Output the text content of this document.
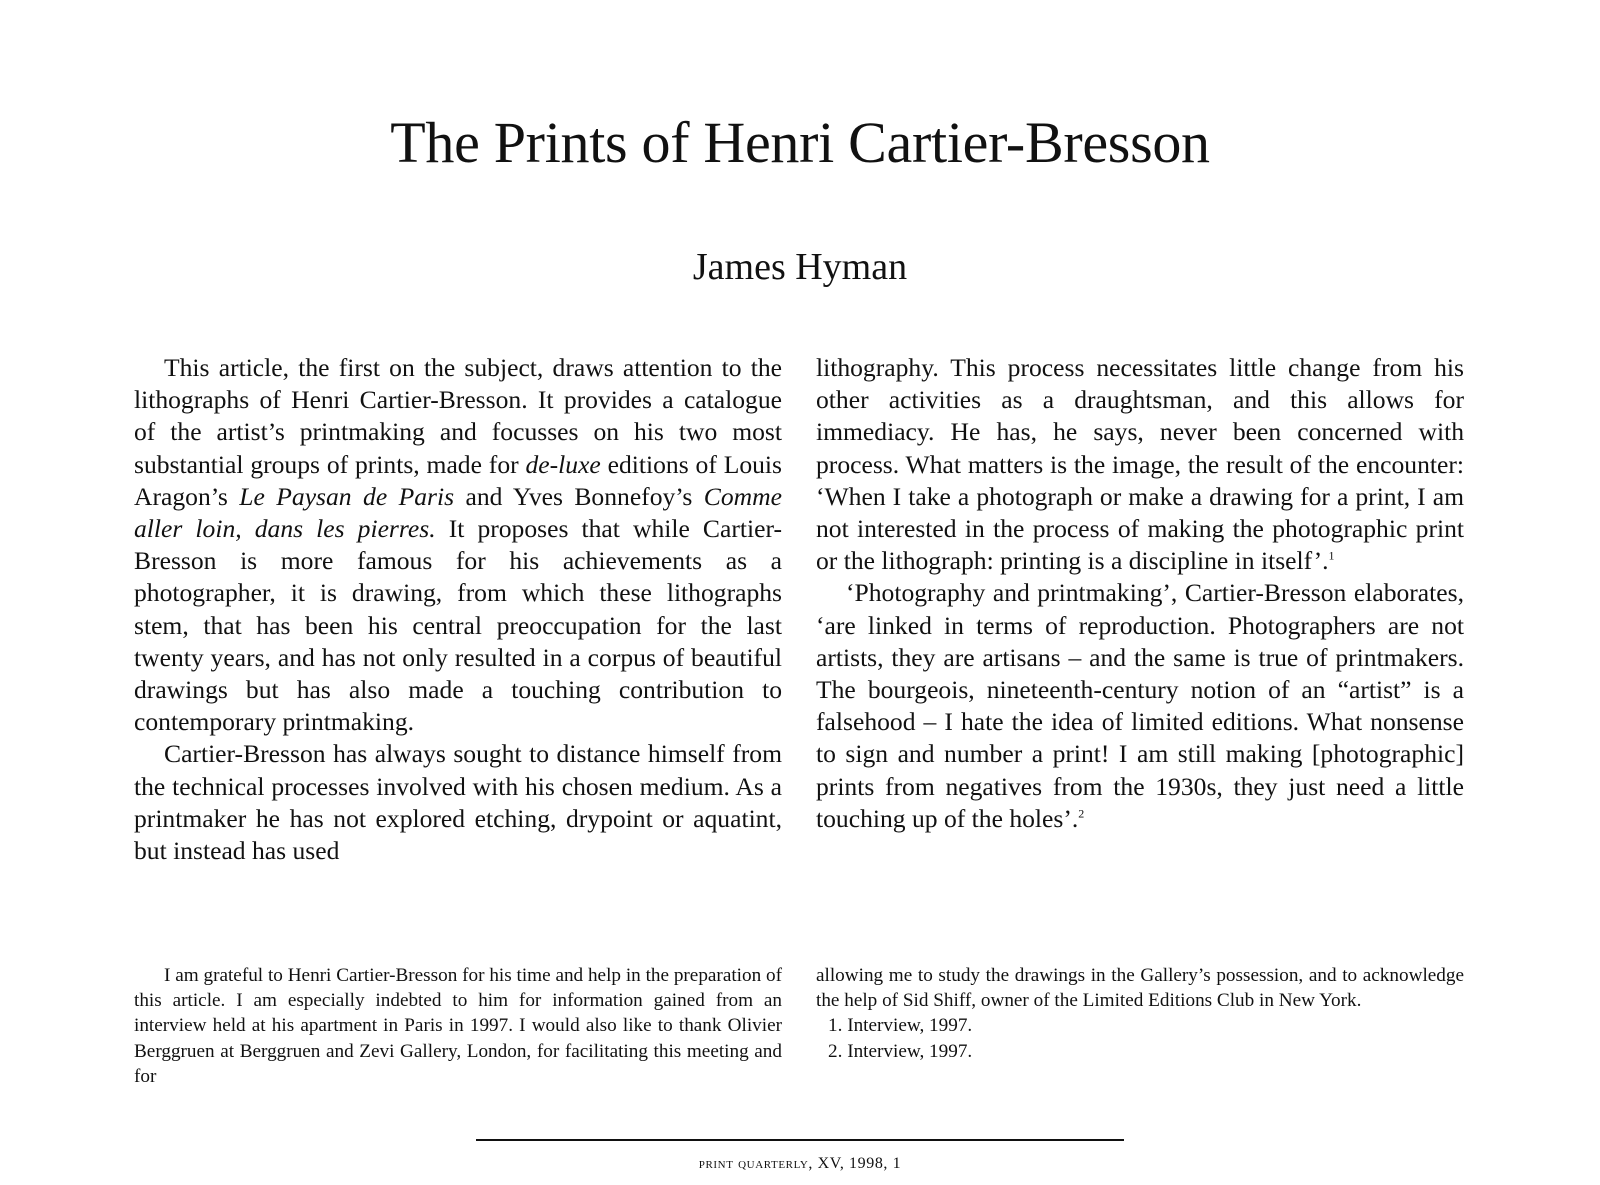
The Prints of Henri Cartier-Bresson
James Hyman

This article, the first on the subject, draws attention to the lithographs of Henri Cartier-Bresson. It provides a catalogue of the artist’s printmaking and focusses on his two most substantial groups of prints, made for de-luxe editions of Louis Aragon’s Le Paysan de Paris and Yves Bonnefoy’s Comme aller loin, dans les pierres. It proposes that while Cartier-Bresson is more famous for his achievements as a photographer, it is drawing, from which these lithographs stem, that has been his central preoccupation for the last twenty years, and has not only resulted in a corpus of beautiful drawings but has also made a touching contribution to contemporary printmaking.

Cartier-Bresson has always sought to distance himself from the technical processes involved with his chosen medium. As a printmaker he has not explored etching, drypoint or aquatint, but instead has used

lithography. This process necessitates little change from his other activities as a draughtsman, and this allows for immediacy. He has, he says, never been concerned with process. What matters is the image, the result of the encounter: ‘When I take a photograph or make a drawing for a print, I am not interested in the process of making the photographic print or the lithograph: printing is a discipline in itself’.$^1$

‘Photography and printmaking’, Cartier-Bresson elaborates, ‘are linked in terms of reproduction. Photographers are not artists, they are artisans – and the same is true of printmakers. The bourgeois, nineteenth-century notion of an “artist” is a falsehood – I hate the idea of limited editions. What nonsense to sign and number a print! I am still making [photographic] prints from negatives from the 1930s, they just need a little touching up of the holes’.$^2$

I am grateful to Henri Cartier-Bresson for his time and help in the preparation of this article. I am especially indebted to him for information gained from an interview held at his apartment in Paris in 1997. I would also like to thank Olivier Berggruen at Berggruen and Zevi Gallery, London, for facilitating this meeting and for

allowing me to study the drawings in the Gallery’s possession, and to acknowledge the help of Sid Shiff, owner of the Limited Editions Club in New York.

1. Interview, 1997.

2. Interview, 1997.

print quarterly, XV, 1998, 1
